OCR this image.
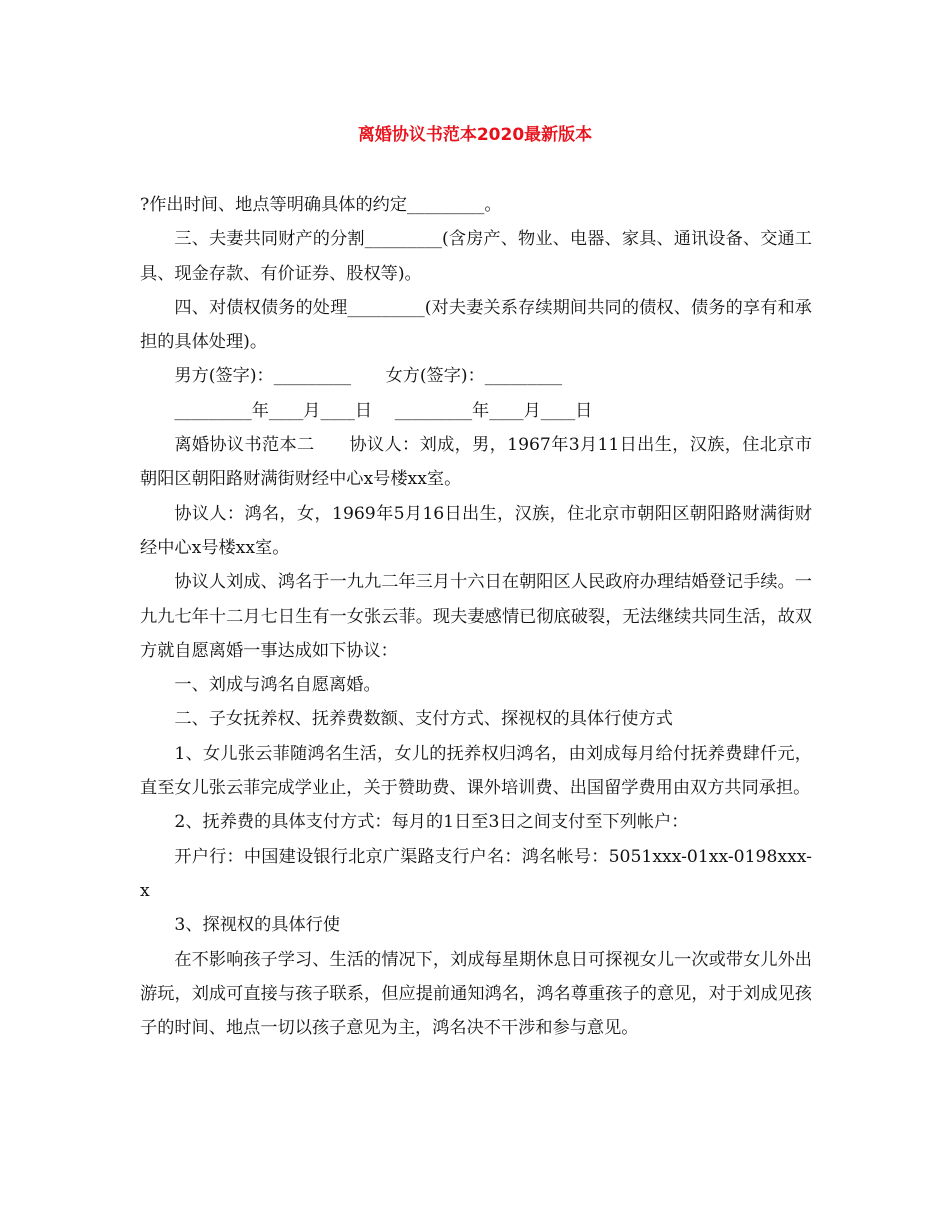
离婚协议书范本2020最新版本

?作出时间、地点等明确具体的约定_________。

三、夫妻共同财产的分割_________(含房产、物业、电器、家具、通讯设备、交通工具、现金存款、有价证券、股权等)。

四、对债权债务的处理_________(对夫妻关系存续期间共同的债权、债务的享有和承担的具体处理)。

男方(签字)：_________　　女方(签字)：_________

_________年____月____日　 _________年____月____日

离婚协议书范本二　　协议人：刘成，男，1967年3月11日出生，汉族，住北京市朝阳区朝阳路财满街财经中心x号楼xx室。

协议人：鸿名，女，1969年5月16日出生，汉族，住北京市朝阳区朝阳路财满街财经中心x号楼xx室。

协议人刘成、鸿名于一九九二年三月十六日在朝阳区人民政府办理结婚登记手续。一九九七年十二月七日生有一女张云菲。现夫妻感情已彻底破裂，无法继续共同生活，故双方就自愿离婚一事达成如下协议：

一、刘成与鸿名自愿离婚。

二、子女抚养权、抚养费数额、支付方式、探视权的具体行使方式

1、女儿张云菲随鸿名生活，女儿的抚养权归鸿名，由刘成每月给付抚养费肆仟元，直至女儿张云菲完成学业止，关于赞助费、课外培训费、出国留学费用由双方共同承担。

2、抚养费的具体支付方式：每月的1日至3日之间支付至下列帐户：

开户行：中国建设银行北京广渠路支行户名：鸿名帐号：5051xxx-01xx-0198xxx-x

3、探视权的具体行使

在不影响孩子学习、生活的情况下，刘成每星期休息日可探视女儿一次或带女儿外出游玩，刘成可直接与孩子联系，但应提前通知鸿名，鸿名尊重孩子的意见，对于刘成见孩子的时间、地点一切以孩子意见为主，鸿名决不干涉和参与意见。
